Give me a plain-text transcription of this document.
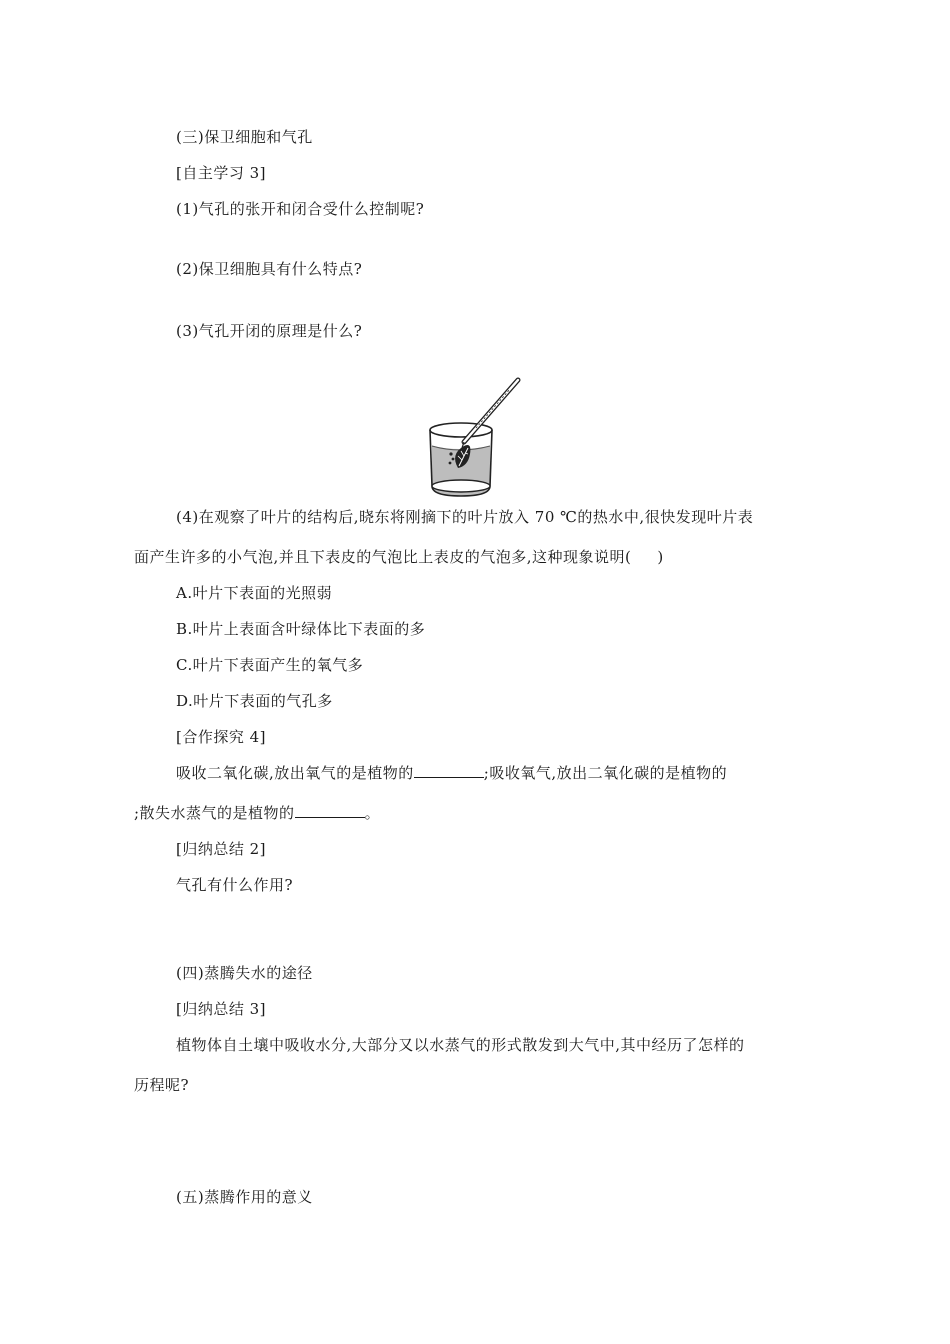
(三)保卫细胞和气孔
[自主学习 3]
(1)气孔的张开和闭合受什么控制呢?
(2)保卫细胞具有什么特点?
(3)气孔开闭的原理是什么?
(4)在观察了叶片的结构后,晓东将刚摘下的叶片放入 70 ℃的热水中,很快发现叶片表
面产生许多的小气泡,并且下表皮的气泡比上表皮的气泡多,这种现象说明( )
A.叶片下表面的光照弱
B.叶片上表面含叶绿体比下表面的多
C.叶片下表面产生的氧气多
D.叶片下表面的气孔多
[合作探究 4]
吸收二氧化碳,放出氧气的是植物的	;吸收氧气,放出二氧化碳的是植物的
;散失水蒸气的是植物的	。
[归纳总结 2]
气孔有什么作用?
(四)蒸腾失水的途径
[归纳总结 3]
植物体自土壤中吸收水分,大部分又以水蒸气的形式散发到大气中,其中经历了怎样的
历程呢?
(五)蒸腾作用的意义
